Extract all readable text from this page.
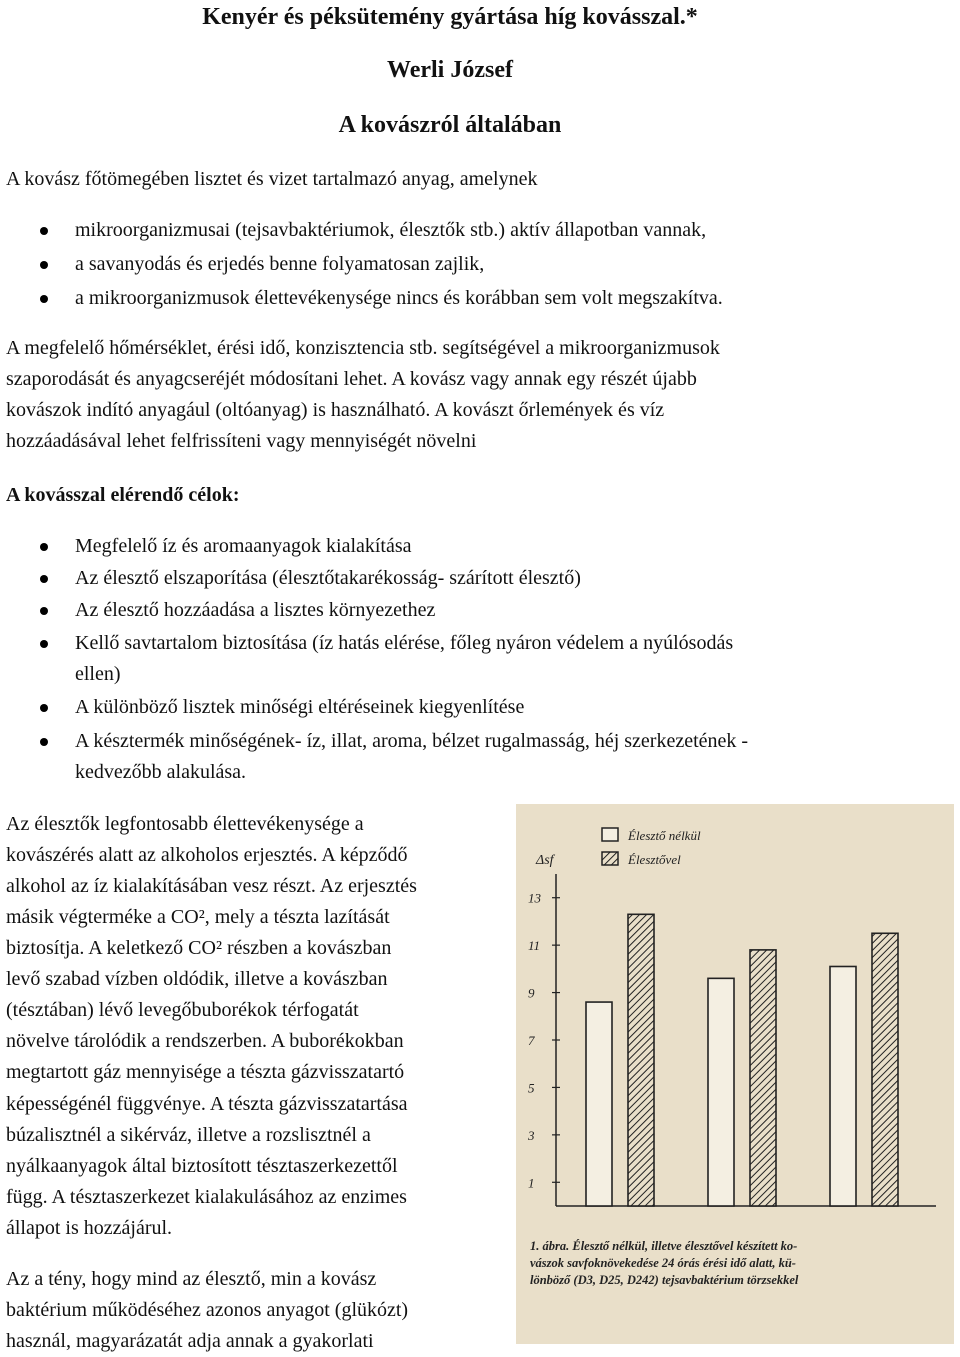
Kenyér és péksütemény gyártása híg kovásszal.*
Werli József
A kovászról általában
A kovász főtömegében lisztet és vizet tartalmazó anyag, amelynek
mikroorganizmusai (tejsavbaktériumok, élesztők stb.) aktív állapotban vannak,
a savanyodás és erjedés benne folyamatosan zajlik,
a mikroorganizmusok élettevékenysége nincs és korábban sem volt megszakítva.
A megfelelő hőmérséklet, érési idő, konzisztencia stb. segítségével a mikroorganizmusok
szaporodását és anyagcseréjét módosítani lehet. A kovász vagy annak egy részét újabb
kovászok indító anyagául (oltóanyag) is használható. A kovászt őrlemények és víz
hozzáadásával lehet felfrissíteni vagy mennyiségét növelni
A kovásszal elérendő célok:
Megfelelő íz és aromaanyagok kialakítása
Az élesztő elszaporítása (élesztőtakarékosság- szárított élesztő)
Az élesztő hozzáadása a lisztes környezethez
Kellő savtartalom biztosítása (íz hatás elérése, főleg nyáron védelem a nyúlósodás
ellen)
A különböző lisztek minőségi eltéréseinek kiegyenlítése
A késztermék minőségének- íz, illat, aroma, bélzet rugalmasság, héj szerkezetének -
kedvezőbb alakulása.
Az élesztők legfontosabb élettevékenysége a
kovászérés alatt az alkoholos erjesztés. A képződő
alkohol az íz kialakításában vesz részt. Az erjesztés
másik végterméke a CO², mely a tészta lazítását
biztosítja. A keletkező CO² részben a kovászban
levő szabad vízben oldódik, illetve a kovászban
(tésztában) lévő levegőbuborékok térfogatát
növelve tárolódik a rendszerben. A buborékokban
megtartott gáz mennyisége a tészta gázvisszatartó
képességénél függvénye. A tészta gázvisszatartása
búzalisztnél a sikérváz, illetve a rozslisztnél a
nyálkaanyagok által biztosított tésztaszerkezettől
függ. A tésztaszerkezet kialakulásához az enzimes
állapot is hozzájárul.
Az a tény, hogy mind az élesztő, min a kovász
baktérium működéséhez azonos anyagot (glükózt)
használ, magyarázatát adja annak a gyakorlati
Élesztő nélkül
Élesztővel
Δsf
13
11
9
7
5
3
1
1. ábra. Élesztő nélkül, illetve élesztővel készített ko-
vászok savfoknövekedése 24 órás érési idő alatt, kü-
lönböző (D3, D25, D242) tejsavbaktérium törzsekkel
